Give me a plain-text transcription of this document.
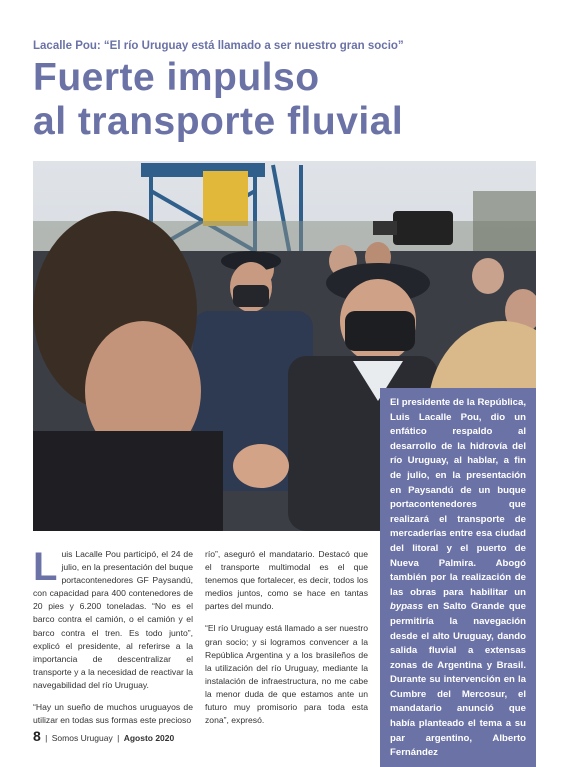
Lacalle Pou: “El río Uruguay está llamado a ser nuestro gran socio”
Fuerte impulso
al transporte fluvial

El presidente de la República, Luis Lacalle Pou, dio un enfático respaldo al desarrollo de la hidrovía del río Uruguay, al hablar, a fin de julio, en la presentación en Paysandú de un buque portacontenedores que realizará el transporte de mercaderías entre esa ciudad del litoral y el puerto de Nueva Palmira. Abogó también por la realización de las obras para habilitar un bypass en Salto Grande que permitiría la navegación desde el alto Uruguay, dando salida fluvial a extensas zonas de Argentina y Brasil. Durante su intervención en la Cumbre del Mercosur, el mandatario anunció que había planteado el tema a su par argentino, Alberto Fernández

Luis Lacalle Pou participó, el 24 de julio, en la presentación del buque portacontenedores GF Paysandú, con capacidad para 400 contenedores de 20 pies y 6.200 toneladas. “No es el barco contra el camión, o el camión y el barco contra el tren. Es todo junto”, explicó el presidente, al referirse a la importancia de descentralizar el transporte y a la necesidad de reactivar la navegabilidad del río Uruguay.

“Hay un sueño de muchos uruguayos de utilizar en todas sus formas este precioso

río”, aseguró el mandatario. Destacó que el transporte multimodal es el que tenemos que fortalecer, es decir, todos los medios juntos, como se hace en tantas partes del mundo.

“El río Uruguay está llamado a ser nuestro gran socio; y si logramos convencer a la República Argentina y a los brasileños de la utilización del río Uruguay, mediante la instalación de infraestructura, no me cabe la menor duda de que estamos ante un futuro muy promisorio para toda esta zona”, expresó.

8 | Somos Uruguay | Agosto 2020
